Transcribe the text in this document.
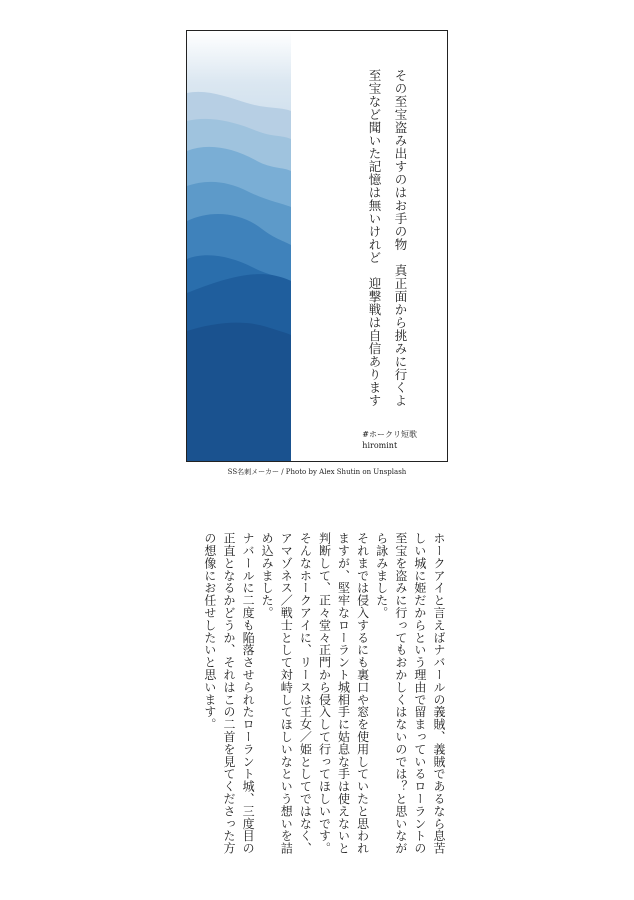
その至宝盗み出すのはお手の物　真正面から挑みに行くよ
至宝など聞いた記憶は無いけれど　迎撃戦は自信あります
#ホークリ短歌
hiromint
SS名刺メーカー / Photo by Alex Shutin on Unsplash

ホークアイと言えばナバールの義賊、義賊であるなら息苦しい城に姫だからという理由で留まっているローラントの至宝を盗みに行ってもおかしくはないのでは？と思いながら詠みました。

それまでは侵入するにも裏口や窓を使用していたと思われますが、堅牢なローラント城相手に姑息な手は使えないと判断して、正々堂々正門から侵入して行ってほしいです。

そんなホークアイに、リースは王女／姫としてではなく、アマゾネス／戦士として対峙してほしいなという想いを詰め込みました。

ナバールに二度も陥落させられたローラント城、三度目の正直となるかどうか、それはこの二首を見てくださった方の想像にお任せしたいと思います。
